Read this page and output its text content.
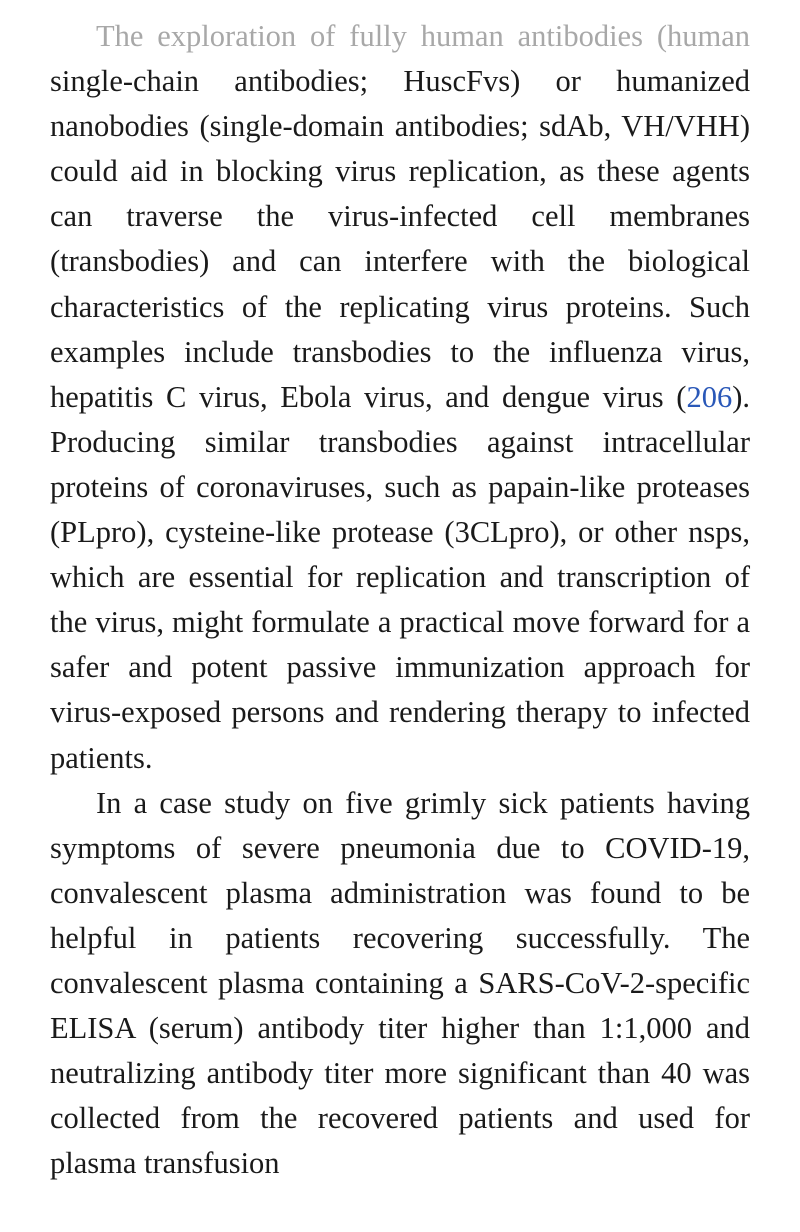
The exploration of fully human antibodies (human single-chain antibodies; HuscFvs) or humanized nanobodies (single-domain antibodies; sdAb, VH/VHH) could aid in blocking virus replication, as these agents can traverse the virus-infected cell membranes (transbodies) and can interfere with the biological characteristics of the replicating virus proteins. Such examples include transbodies to the influenza virus, hepatitis C virus, Ebola virus, and dengue virus (206). Producing similar transbodies against intracellular proteins of coronaviruses, such as papain-like proteases (PLpro), cysteine-like protease (3CLpro), or other nsps, which are essential for replication and transcription of the virus, might formulate a practical move forward for a safer and potent passive immunization approach for virus-exposed persons and rendering therapy to infected patients.

In a case study on five grimly sick patients having symptoms of severe pneumonia due to COVID-19, convalescent plasma administration was found to be helpful in patients recovering successfully. The convalescent plasma containing a SARS-CoV-2-specific ELISA (serum) antibody titer higher than 1:1,000 and neutralizing antibody titer more significant than 40 was collected from the recovered patients and used for plasma transfusion
